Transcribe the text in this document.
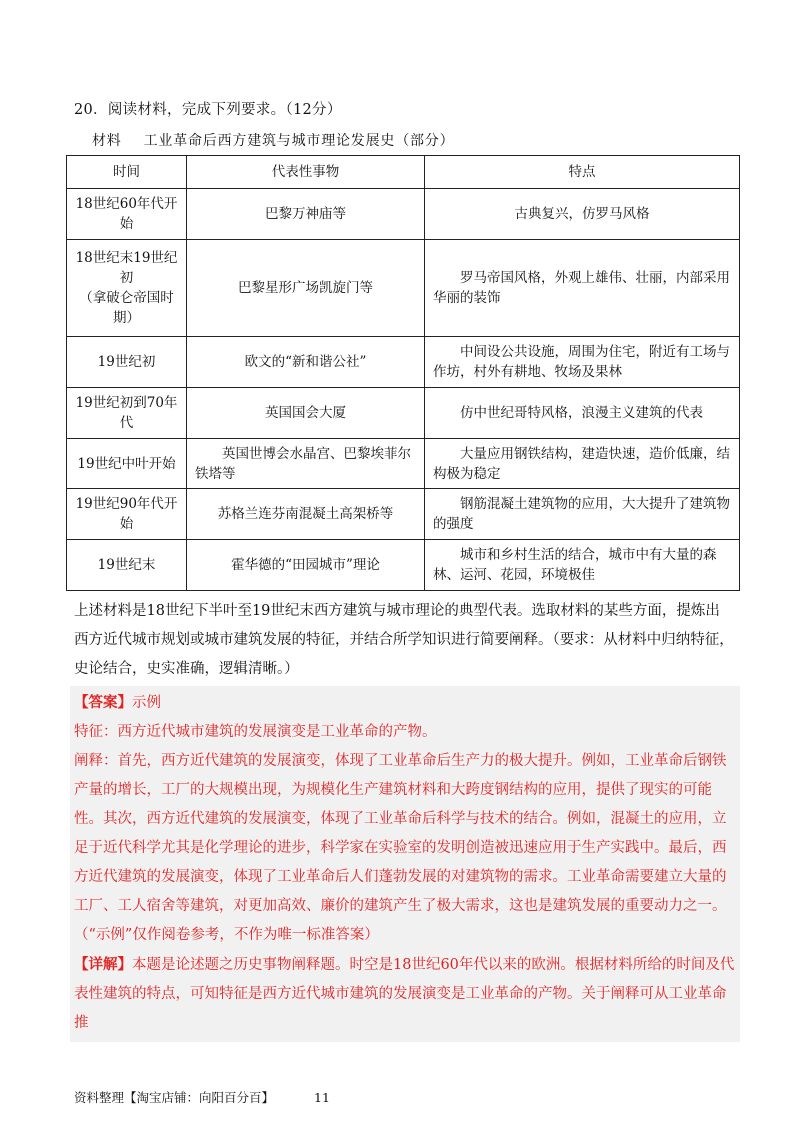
20．阅读材料，完成下列要求。（12分）
材料 工业革命后西方建筑与城市理论发展史（部分）
时间	代表性事物	特点
18世纪60年代开始	巴黎万神庙等	古典复兴，仿罗马风格

18世纪末19世纪初
（拿破仑帝国时期）	巴黎星形广场凯旋门等	罗马帝国风格，外观上雄伟、壮丽，内部采用华丽的装饰
19世纪初	欧文的“新和谐公社”	中间设公共设施，周围为住宅，附近有工场与作坊，村外有耕地、牧场及果林
19世纪初到70年代	英国国会大厦	仿中世纪哥特风格，浪漫主义建筑的代表
19世纪中叶开始	英国世博会水晶宫、巴黎埃菲尔铁塔等	大量应用钢铁结构，建造快速，造价低廉，结构极为稳定
19世纪90年代开始	苏格兰连芬南混凝土高架桥等	钢筋混凝土建筑物的应用，大大提升了建筑物的强度
19世纪末	霍华德的“田园城市”理论	城市和乡村生活的结合，城市中有大量的森林、运河、花园，环境极佳
上述材料是18世纪下半叶至19世纪末西方建筑与城市理论的典型代表。选取材料的某些方面，提炼出西方近代城市规划或城市建筑发展的特征，并结合所学知识进行简要阐释。（要求：从材料中归纳特征，史论结合，史实准确，逻辑清晰。）

【答案】示例

特征：西方近代城市建筑的发展演变是工业革命的产物。

阐释：首先，西方近代建筑的发展演变，体现了工业革命后生产力的极大提升。例如，工业革命后钢铁产量的增长，工厂的大规模出现，为规模化生产建筑材料和大跨度钢结构的应用，提供了现实的可能性。其次，西方近代建筑的发展演变，体现了工业革命后科学与技术的结合。例如，混凝土的应用，立足于近代科学尤其是化学理论的进步，科学家在实验室的发明创造被迅速应用于生产实践中。最后，西方近代建筑的发展演变，体现了工业革命后人们蓬勃发展的对建筑物的需求。工业革命需要建立大量的工厂、工人宿舍等建筑，对更加高效、廉价的建筑产生了极大需求，这也是建筑发展的重要动力之一。

（“示例”仅作阅卷参考，不作为唯一标准答案）

【详解】本题是论述题之历史事物阐释题。时空是18世纪60年代以来的欧洲。根据材料所给的时间及代表性建筑的特点，可知特征是西方近代城市建筑的发展演变是工业革命的产物。关于阐释可从工业革命推

资料整理【淘宝店铺：向阳百分百】	11
